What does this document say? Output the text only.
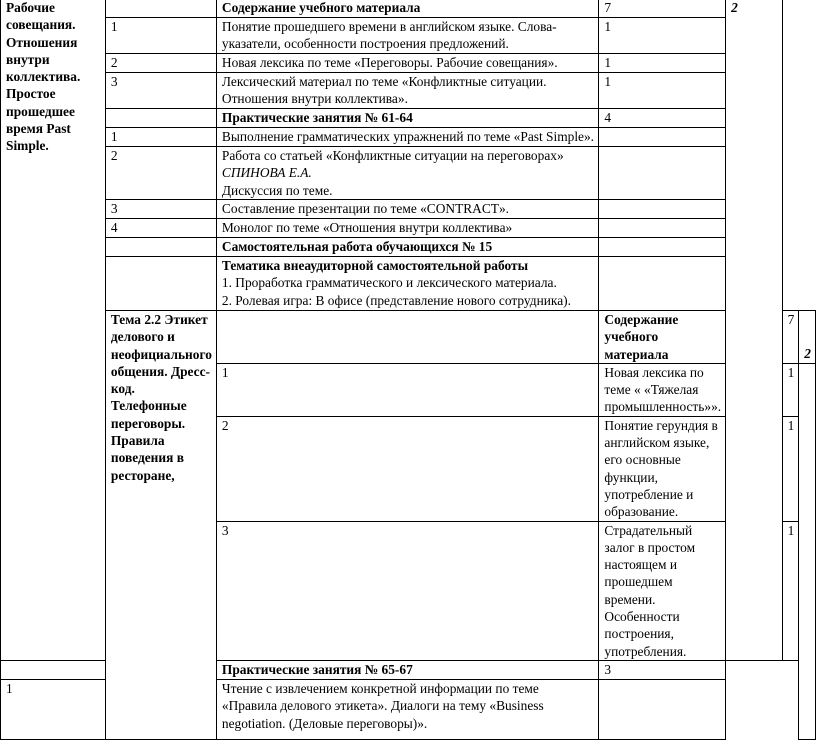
Рабочие совещания. Отношения внутри коллектива. Простое прошедшее время Past Simple.		Содержание учебного материала	7	2		
	1	Понятие прошедшего времени в английском языке. Слова-указатели, особенности построения предложений.	1			
	2	Новая лексика по теме «Переговоры. Рабочие совещания».	1			
	3	Лексический материал по теме «Конфликтные ситуации. Отношения внутри коллектива».	1			
		Практические занятия № 61-64	4			
	1	Выполнение грамматических упражнений по теме «Past Simple».				
	2	Работа со статьей «Конфликтные ситуации на переговорах» СПИНОВА Е.А.
Дискуссия по теме.				

	3	Составление презентации по теме «CONTRACT».				
	4	Монолог по теме «Отношения внутри коллектива»				
		Самостоятельная работа обучающихся № 15				

		Тематика внеаудиторной самостоятельной работы
1. Проработка грамматического и лексического материала.
2. Ролевая игра: В офисе (представление нового сотрудника).				

	Тема 2.2 Этикет делового и неофициального общения. Дресс-код. Телефонные переговоры. Правила поведения в ресторане,		Содержание учебного материала		7	2
		1	Новая лексика по теме « «Тяжелая промышленность»».		1	
		2	Понятие герундия в английском языке, его основные функции, употребление и образование.		1	
		3	Страдательный залог в простом настоящем и прошедшем времени. Особенности построения, употребления.		1	
		Практические занятия № 65-67	3			
1		Чтение с извлечением конкретной информации по теме «Правила делового этикета». Диалоги на тему «Business negotiation. (Деловые переговоры)».				
